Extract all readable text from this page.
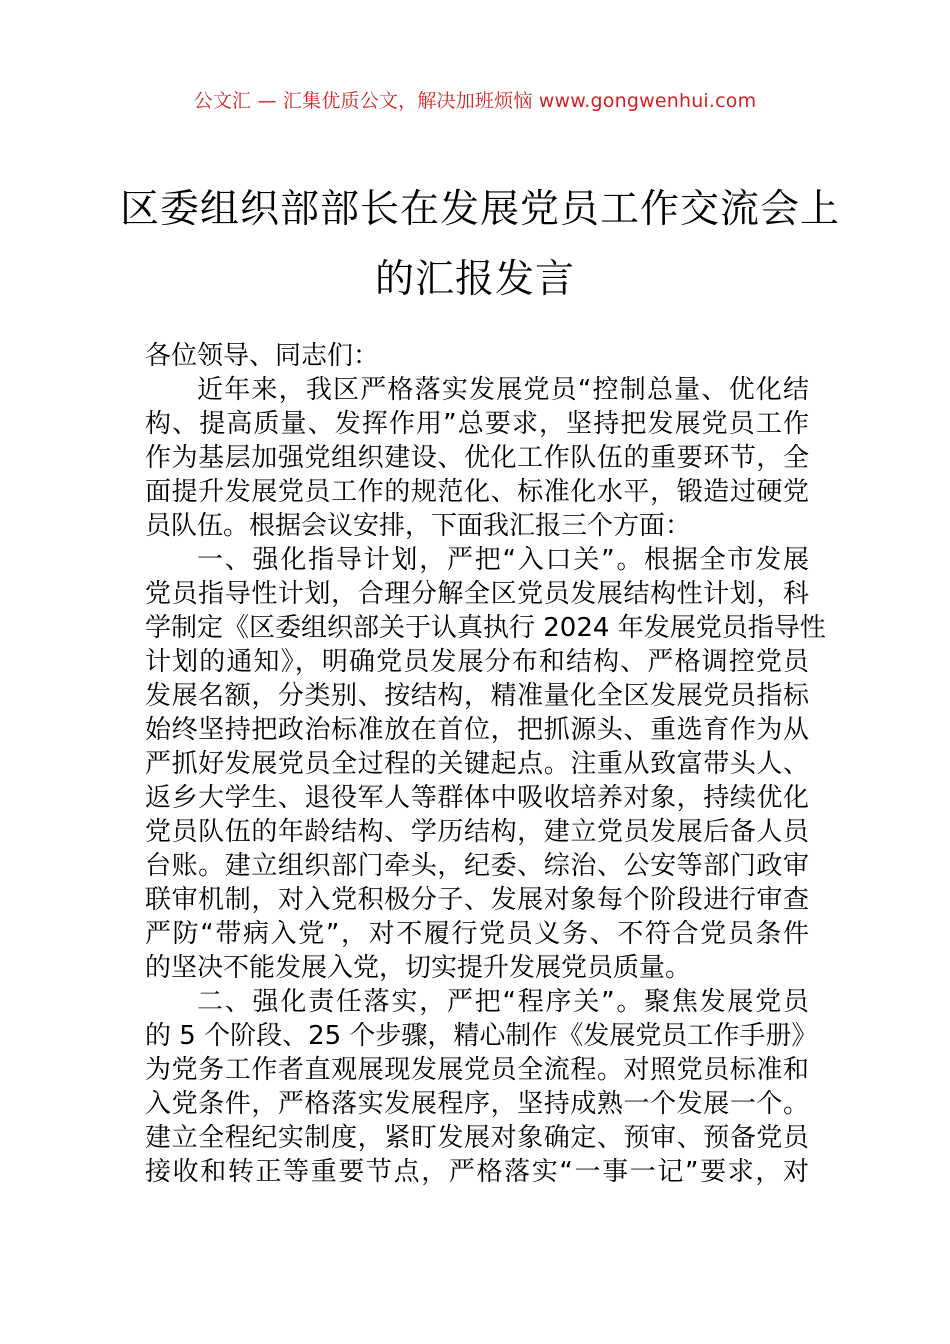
公文汇 — 汇集优质公文，解决加班烦恼 www.gongwenhui.com
区委组织部部长在发展党员工作交流会上
的汇报发言
各位领导、同志们：

近年来，我区严格落实发展党员“控制总量、优化结
构、提高质量、发挥作用”总要求，坚持把发展党员工作
作为基层加强党组织建设、优化工作队伍的重要环节，全
面提升发展党员工作的规范化、标准化水平，锻造过硬党
员队伍。根据会议安排，下面我汇报三个方面：

一、强化指导计划，严把“入口关”。根据全市发展
党员指导性计划，合理分解全区党员发展结构性计划，科
学制定《区委组织部关于认真执行 2024 年发展党员指导性
计划的通知》，明确党员发展分布和结构、严格调控党员
发展名额，分类别、按结构，精准量化全区发展党员指标
始终坚持把政治标准放在首位，把抓源头、重选育作为从
严抓好发展党员全过程的关键起点。注重从致富带头人、
返乡大学生、退役军人等群体中吸收培养对象，持续优化
党员队伍的年龄结构、学历结构，建立党员发展后备人员
台账。建立组织部门牵头，纪委、综治、公安等部门政审
联审机制，对入党积极分子、发展对象每个阶段进行审查
严防“带病入党”，对不履行党员义务、不符合党员条件
的坚决不能发展入党，切实提升发展党员质量。

二、强化责任落实，严把“程序关”。聚焦发展党员
的 5 个阶段、25 个步骤，精心制作《发展党员工作手册》
为党务工作者直观展现发展党员全流程。对照党员标准和
入党条件，严格落实发展程序，坚持成熟一个发展一个。
建立全程纪实制度，紧盯发展对象确定、预审、预备党员
接收和转正等重要节点，严格落实“一事一记”要求，对
